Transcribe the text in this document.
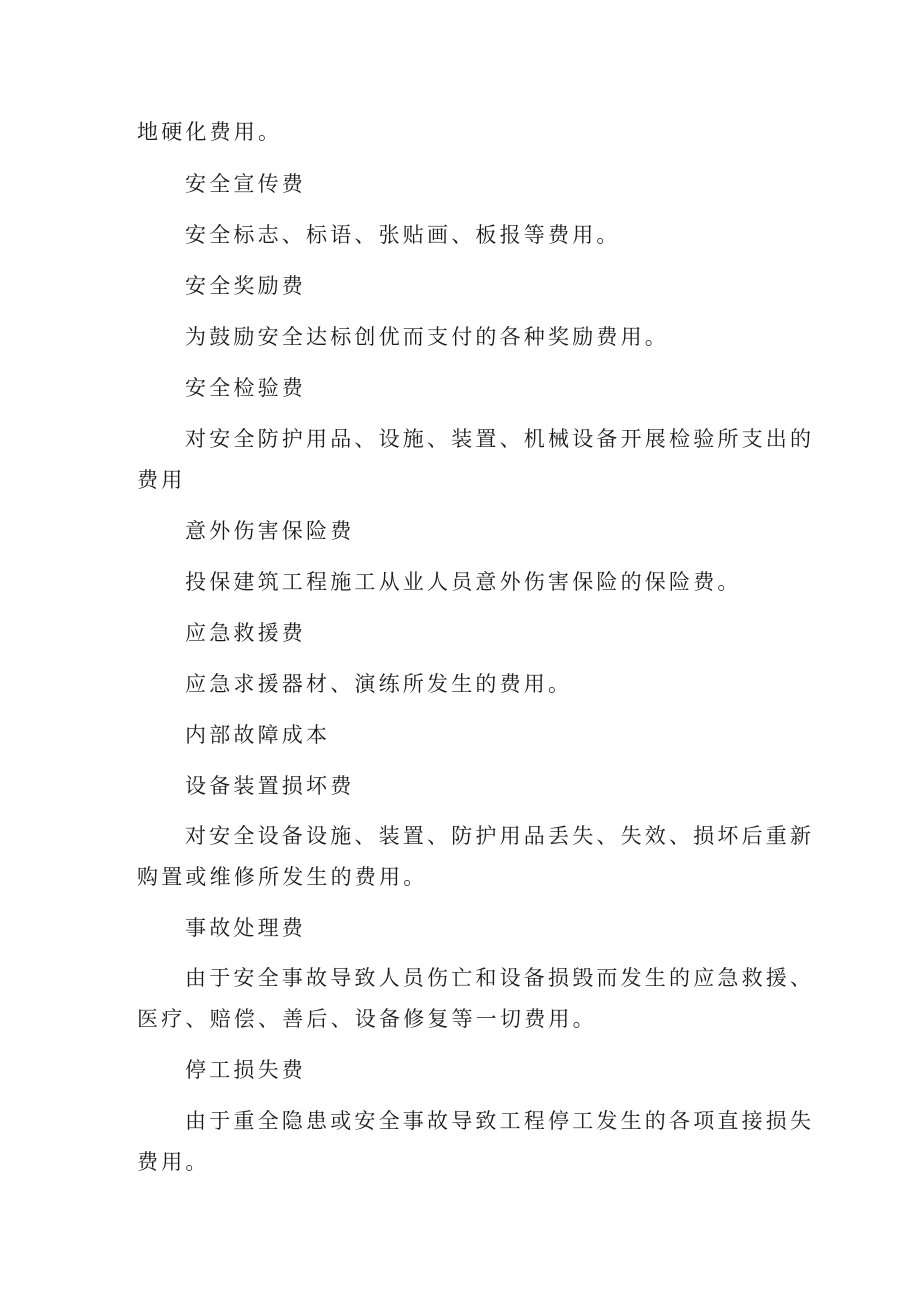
地硬化费用。
安全宣传费
安全标志、标语、张贴画、板报等费用。
安全奖励费
为鼓励安全达标创优而支付的各种奖励费用。
安全检验费
对安全防护用品、设施、装置、机械设备开展检验所支出的
费用
意外伤害保险费
投保建筑工程施工从业人员意外伤害保险的保险费。
应急救援费
应急求援器材、演练所发生的费用。
内部故障成本
设备装置损坏费
对安全设备设施、装置、防护用品丢失、失效、损坏后重新
购置或维修所发生的费用。
事故处理费
由于安全事故导致人员伤亡和设备损毁而发生的应急救援、
医疗、赔偿、善后、设备修复等一切费用。
停工损失费
由于重全隐患或安全事故导致工程停工发生的各项直接损失
费用。
